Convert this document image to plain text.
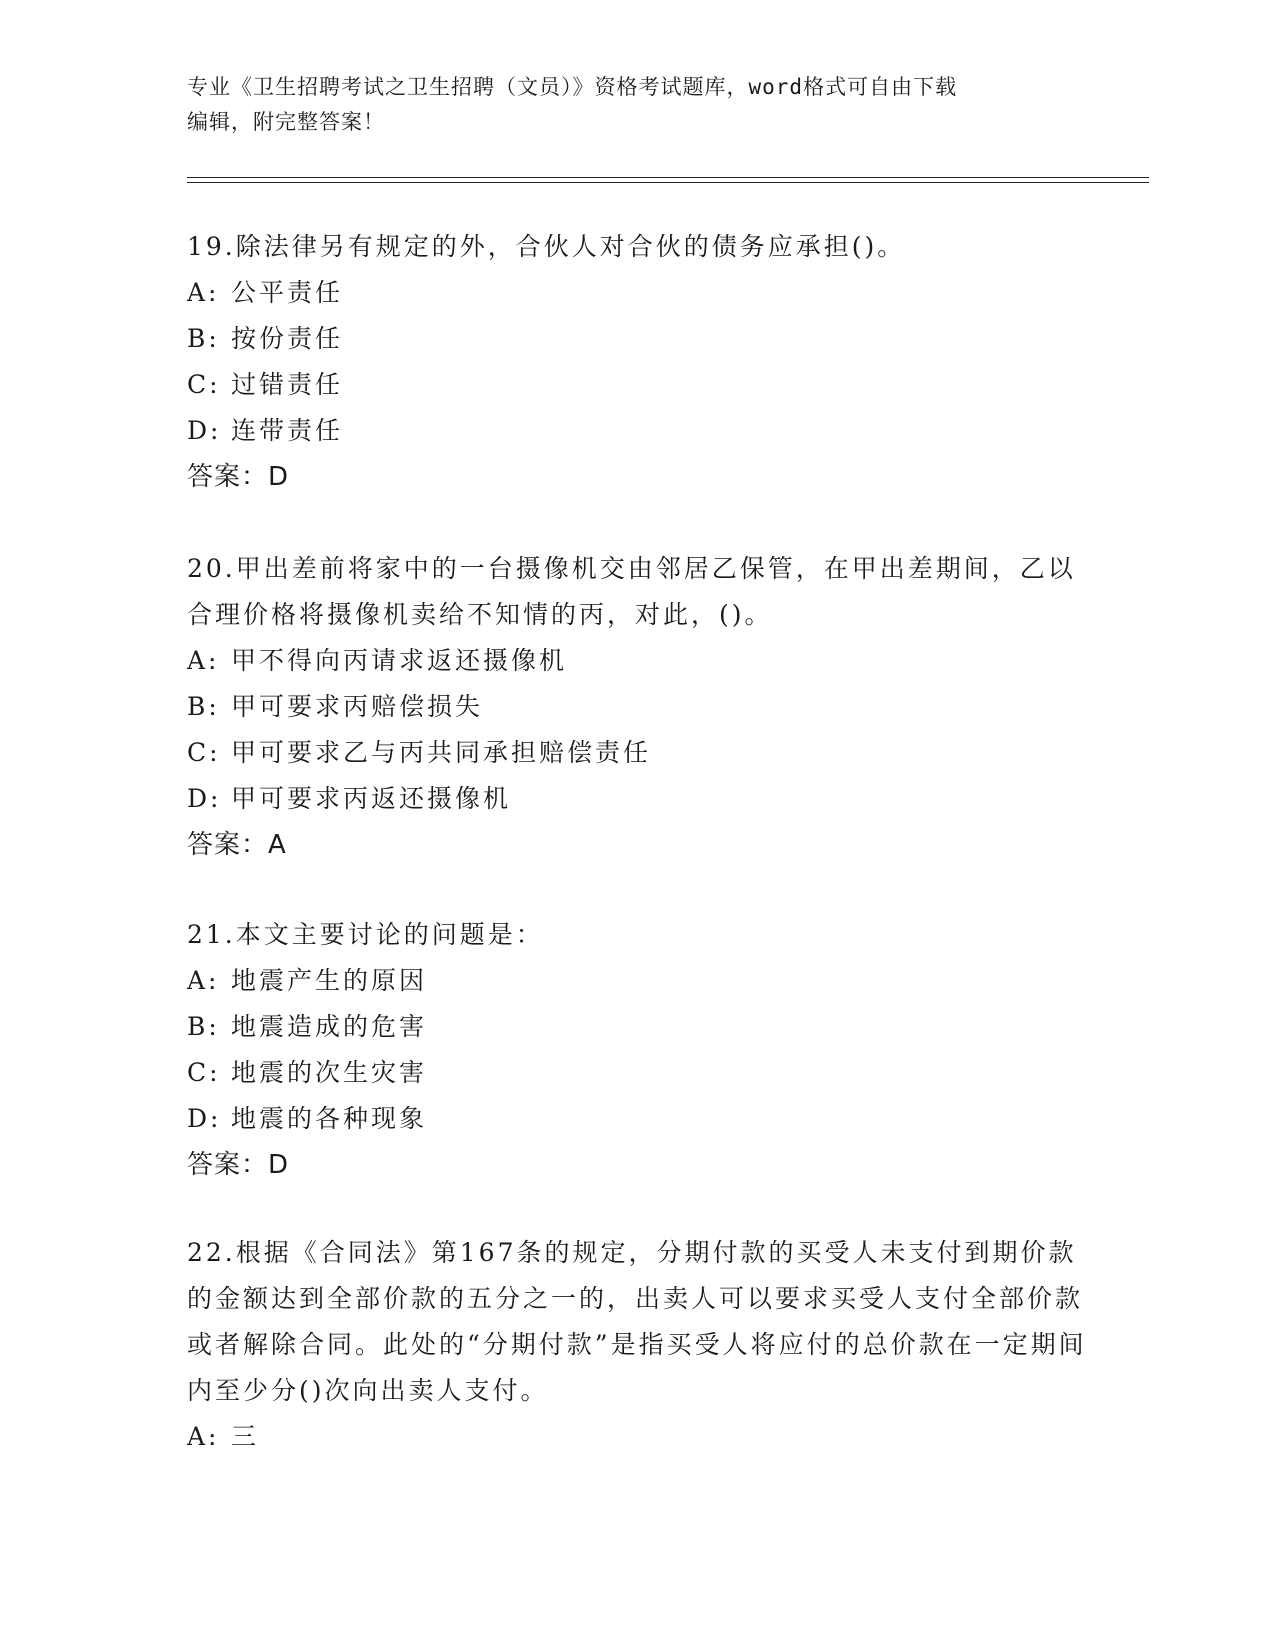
专业《卫生招聘考试之卫生招聘（文员）》资格考试题库，word格式可自由下载
编辑，附完整答案！

19.除法律另有规定的外，合伙人对合伙的债务应承担()。

A: 公平责任

B: 按份责任

C: 过错责任

D: 连带责任

答案：D

20.甲出差前将家中的一台摄像机交由邻居乙保管，在甲出差期间，乙以合理价格将摄像机卖给不知情的丙，对此，()。

A: 甲不得向丙请求返还摄像机

B: 甲可要求丙赔偿损失

C: 甲可要求乙与丙共同承担赔偿责任

D: 甲可要求丙返还摄像机

答案：A

21.本文主要讨论的问题是：

A: 地震产生的原因

B: 地震造成的危害

C: 地震的次生灾害

D: 地震的各种现象

答案：D

22.根据《合同法》第167条的规定，分期付款的买受人未支付到期价款的金额达到全部价款的五分之一的，出卖人可以要求买受人支付全部价款或者解除合同。此处的“分期付款”是指买受人将应付的总价款在一定期间内至少分()次向出卖人支付。

A: 三
